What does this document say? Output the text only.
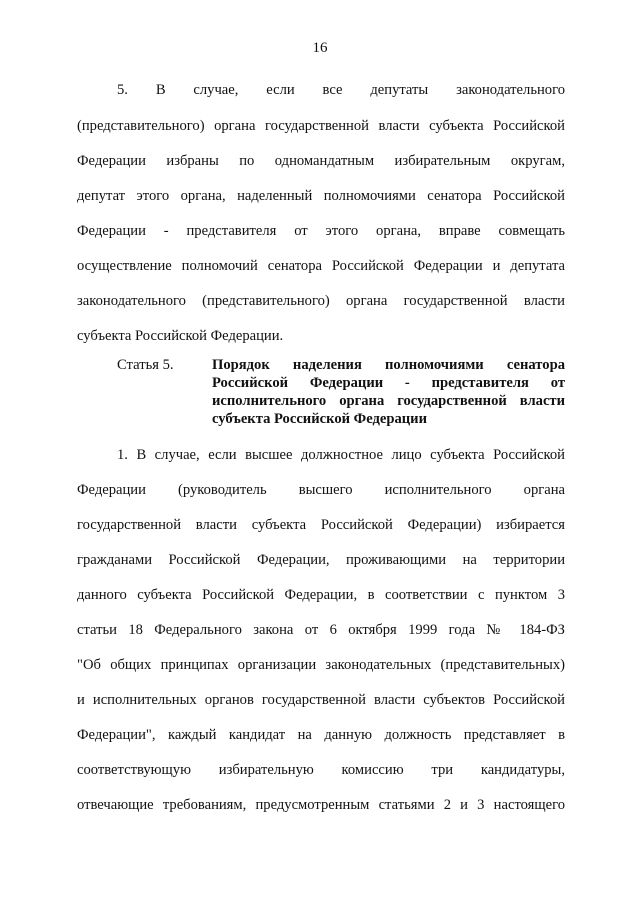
16
5. В случае, если все депутаты законодательного
(представительного) органа государственной власти субъекта Российской
Федерации избраны по одномандатным избирательным округам,
депутат этого органа, наделенный полномочиями сенатора Российской
Федерации - представителя от этого органа, вправе совмещать
осуществление полномочий сенатора Российской Федерации и депутата
законодательного (представительного) органа государственной власти
субъекта Российской Федерации.
Статья 5.	Порядок наделения полномочиями сенатора
Российской Федерации - представителя от
исполнительного органа государственной власти
субъекта Российской Федерации
1. В случае, если высшее должностное лицо субъекта Российской
Федерации (руководитель высшего исполнительного органа
государственной власти субъекта Российской Федерации) избирается
гражданами Российской Федерации, проживающими на территории
данного субъекта Российской Федерации, в соответствии с пунктом 3
статьи 18 Федерального закона от 6 октября 1999 года № 184-ФЗ
"Об общих принципах организации законодательных (представительных)
и исполнительных органов государственной власти субъектов Российской
Федерации", каждый кандидат на данную должность представляет в
соответствующую избирательную комиссию три кандидатуры,
отвечающие требованиям, предусмотренным статьями 2 и 3 настоящего
